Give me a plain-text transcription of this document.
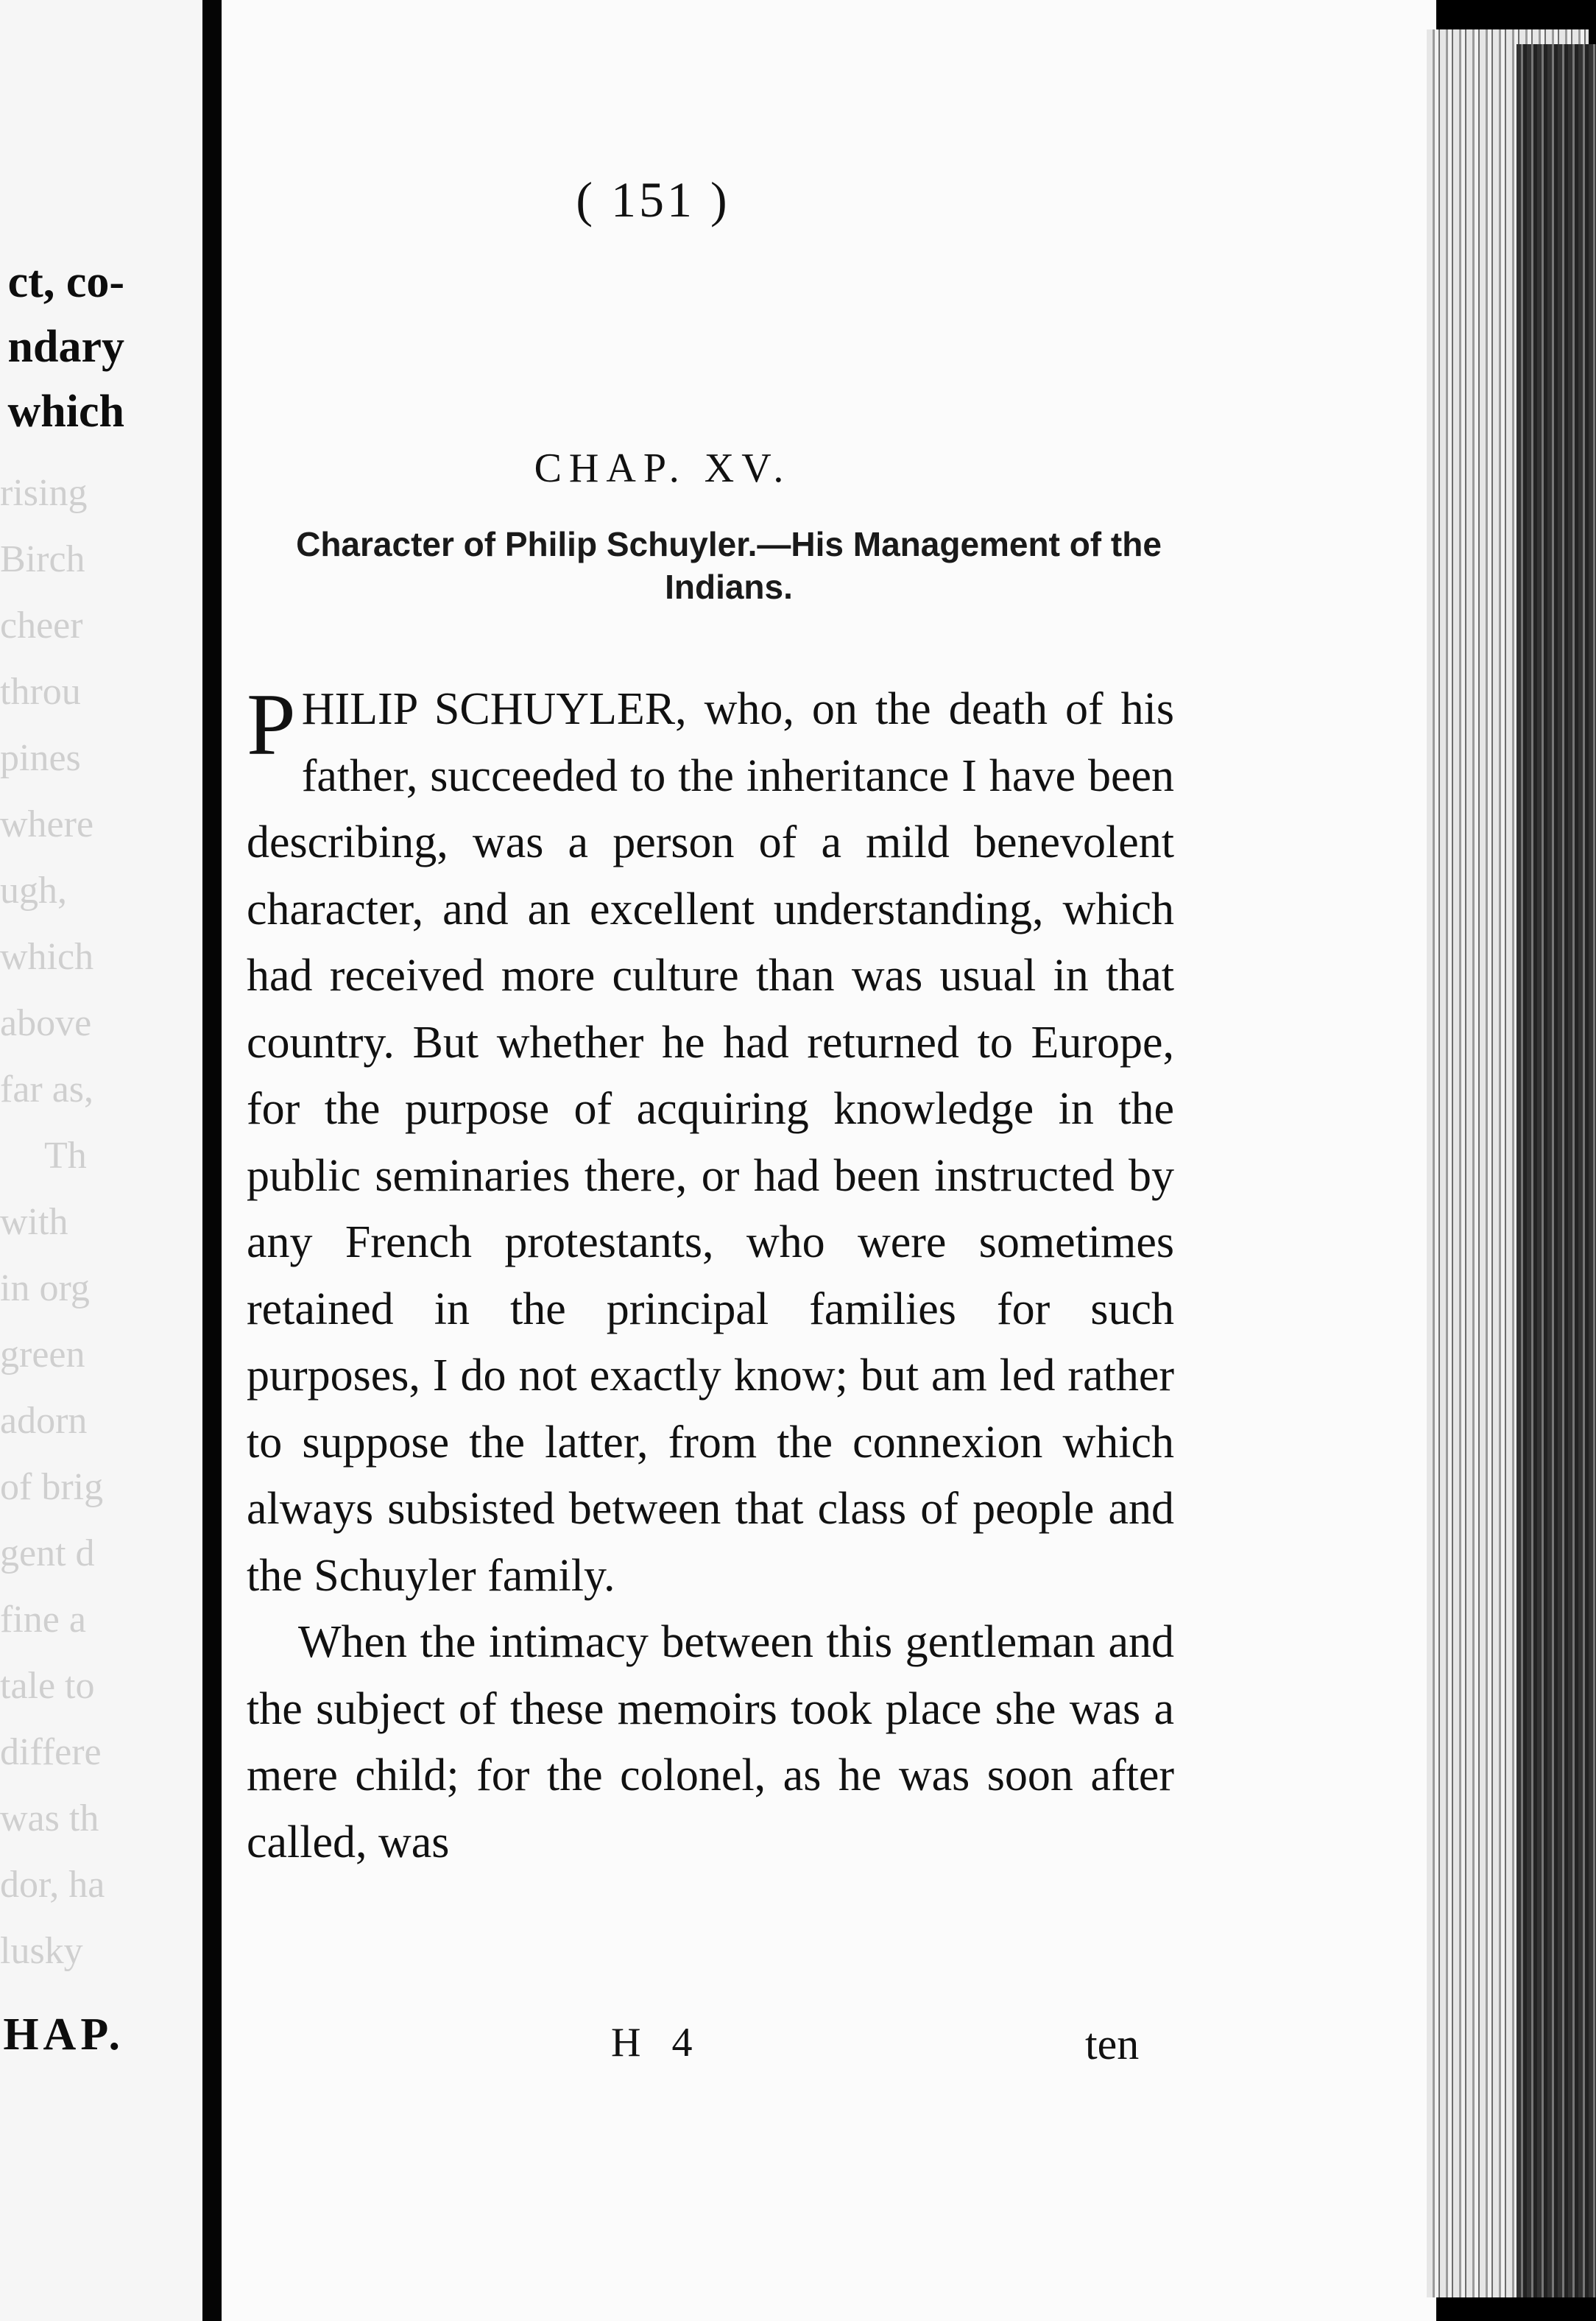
ct, co-
ndary
which
rising
Birch
cheer
throu
pines
where
ugh,
which
above
far as,
Th
with
in org
green
adorn
of brig
gent d
fine a
tale to
differe
was th
dor, ha
lusky
HAP.
( 151 )
CHAP. XV.
Character of Philip Schuyler.—His Management of the Indians.

PHILIP SCHUYLER, who, on the death of his father, succeeded to the inheritance I have been describing, was a person of a mild benevolent character, and an excellent understanding, which had received more culture than was usual in that country. But whether he had returned to Europe, for the purpose of acquiring knowledge in the public seminaries there, or had been instructed by any French protestants, who were sometimes retained in the principal families for such purposes, I do not exactly know; but am led rather to suppose the latter, from the connexion which always subsisted between that class of people and the Schuyler family.

When the intimacy between this gentleman and the subject of these memoirs took place she was a mere child; for the colonel, as he was soon after called, was

H 4	ten
